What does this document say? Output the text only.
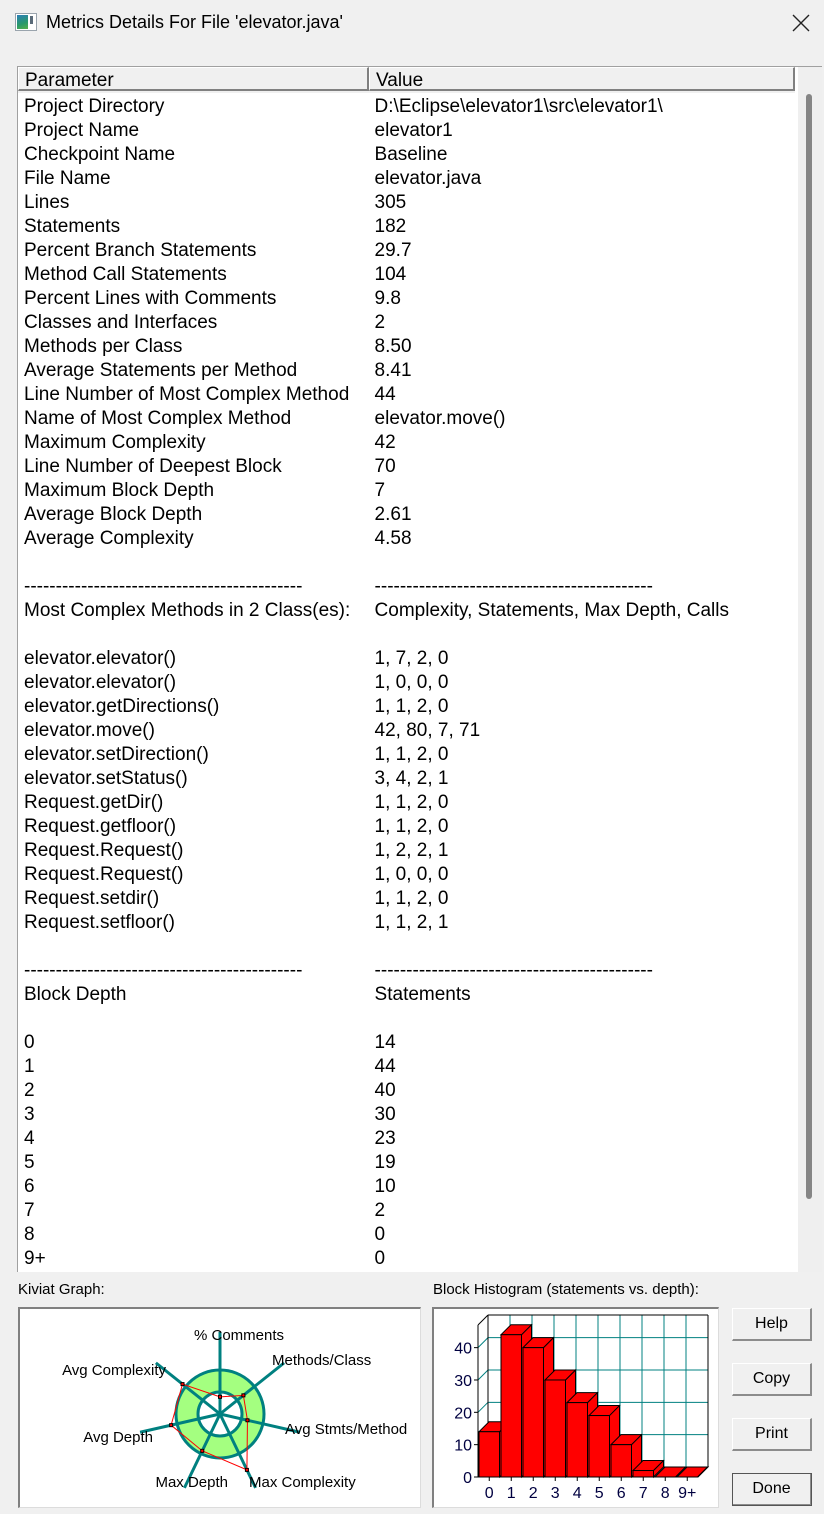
Metrics Details For File 'elevator.java'
Parameter	Value
Project Directory	D:\Eclipse\elevator1\src\elevator1\
Project Name	elevator1
Checkpoint Name	Baseline
File Name	elevator.java
Lines	305
Statements	182
Percent Branch Statements	29.7
Method Call Statements	104
Percent Lines with Comments	9.8
Classes and Interfaces	2
Methods per Class	8.50
Average Statements per Method	8.41
Line Number of Most Complex Method	44
Name of Most Complex Method	elevator.move()
Maximum Complexity	42
Line Number of Deepest Block	70
Maximum Block Depth	7
Average Block Depth	2.61
Average Complexity	4.58
--------------------------------------------	--------------------------------------------
Most Complex Methods in 2 Class(es):	Complexity, Statements, Max Depth, Calls
elevator.elevator()	1, 7, 2, 0
elevator.elevator()	1, 0, 0, 0
elevator.getDirections()	1, 1, 2, 0
elevator.move()	42, 80, 7, 71
elevator.setDirection()	1, 1, 2, 0
elevator.setStatus()	3, 4, 2, 1
Request.getDir()	1, 1, 2, 0
Request.getfloor()	1, 1, 2, 0
Request.Request()	1, 2, 2, 1
Request.Request()	1, 0, 0, 0
Request.setdir()	1, 1, 2, 0
Request.setfloor()	1, 1, 2, 1
--------------------------------------------	--------------------------------------------
Block Depth	Statements
0	14
1	44
2	40
3	30
4	23
5	19
6	10
7	2
8	0
9+	0
Kiviat Graph:
% Comments
Methods/Class
Avg Stmts/Method
Max Complexity
Max Depth
Avg Depth
Avg Complexity
Block Histogram (statements vs. depth):
0
10
20
30
40
0 1 2 3 4 5 6 7 8 9+
Help
Copy
Print
Done
